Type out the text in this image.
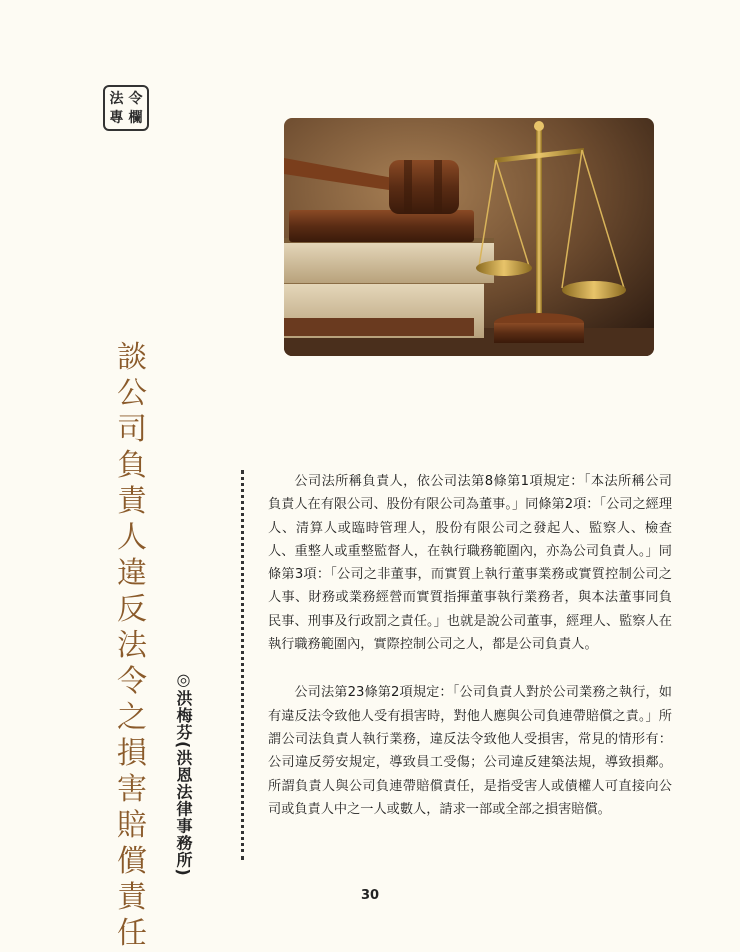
法 令
專 欄
談
公
司
負
責
人
違
反
法
令
之
損
害
賠
償
責
任
◎洪梅芬(洪恩法律事務所)

公司法所稱負責人，依公司法第8條第1項規定：「本法所稱公司負責人在有限公司、股份有限公司為董事。」同條第2項：「公司之經理人、清算人或臨時管理人，股份有限公司之發起人、監察人、檢查人、重整人或重整監督人，在執行職務範圍內，亦為公司負責人。」同條第3項：「公司之非董事，而實質上執行董事業務或實質控制公司之人事、財務或業務經營而實質指揮董事執行業務者，與本法董事同負民事、刑事及行政罰之責任。」也就是說公司董事，經理人、監察人在執行職務範圍內，實際控制公司之人，都是公司負責人。

公司法第23條第2項規定：「公司負責人對於公司業務之執行，如有違反法令致他人受有損害時，對他人應與公司負連帶賠償之責。」所謂公司法負責人執行業務，違反法令致他人受損害，常見的情形有：公司違反勞安規定，導致員工受傷；公司違反建築法規，導致損鄰。所謂負責人與公司負連帶賠償責任，是指受害人或債權人可直接向公司或負責人中之一人或數人，請求一部或全部之損害賠償。

30
